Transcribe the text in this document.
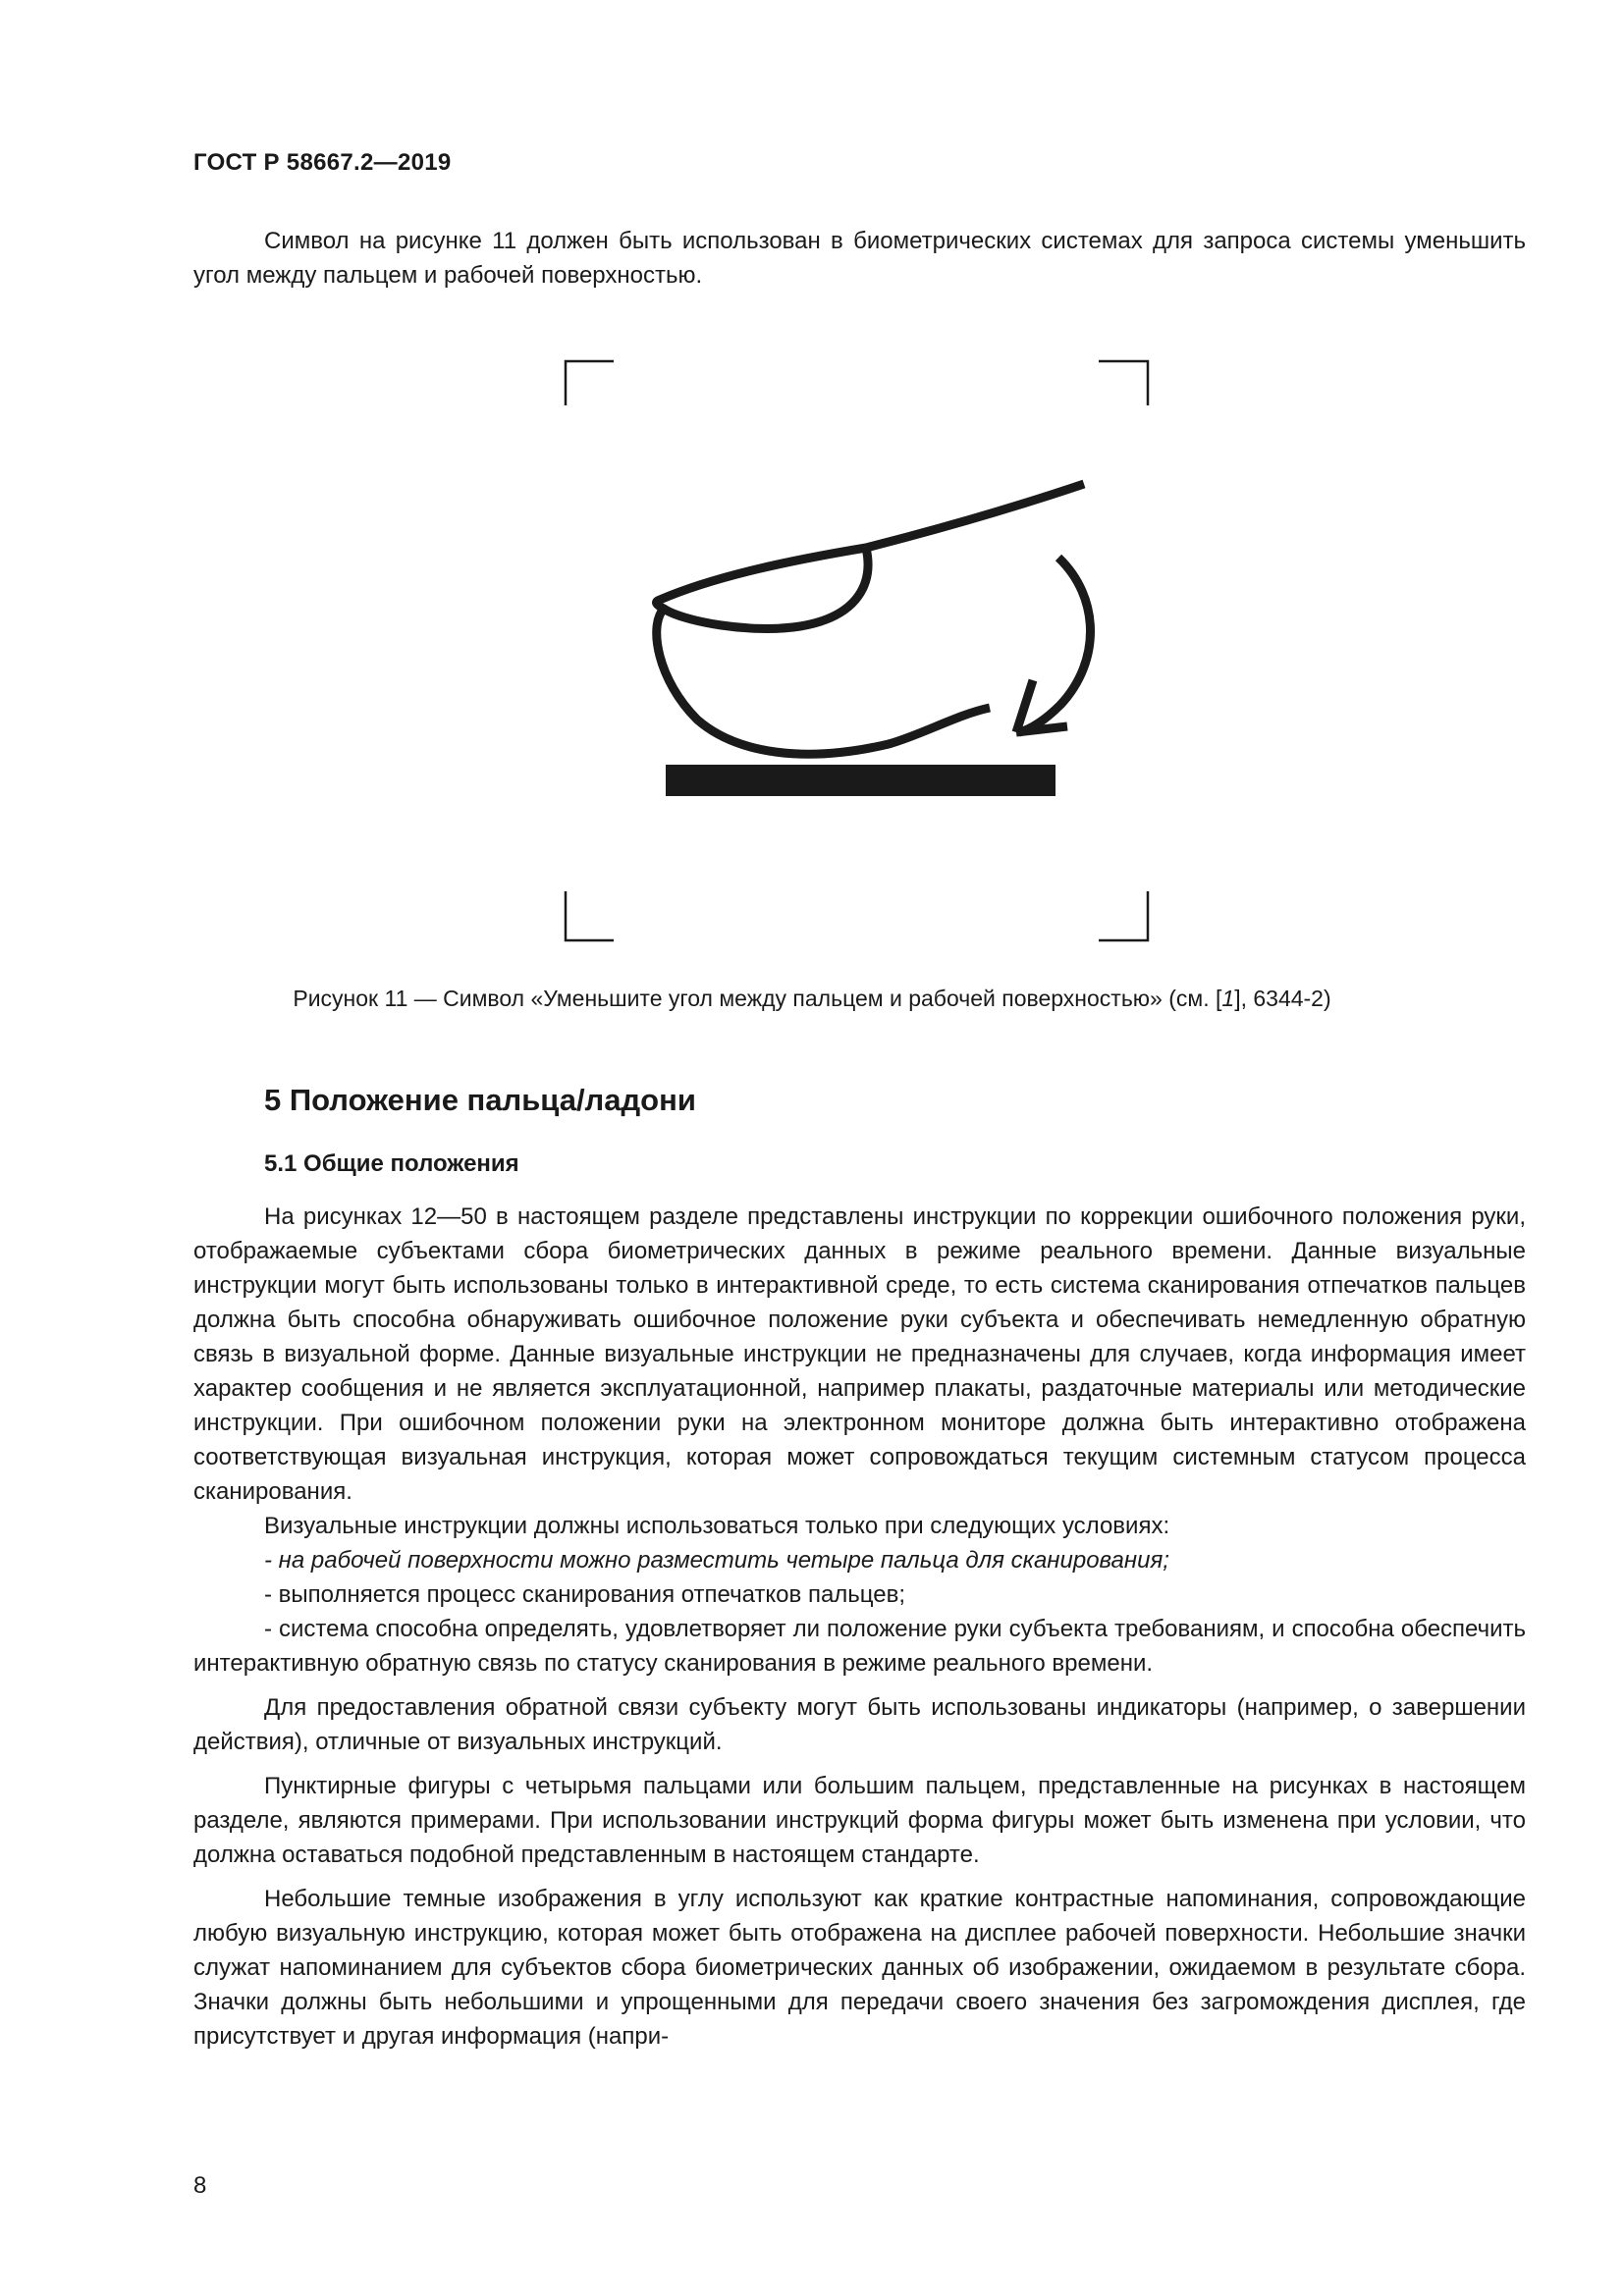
ГОСТ Р 58667.2—2019
Символ на рисунке 11 должен быть использован в биометрических системах для запроса системы уменьшить угол между пальцем и рабочей поверхностью.
Рисунок 11 — Символ «Уменьшите угол между пальцем и рабочей поверхностью» (см. [1], 6344-2)
5 Положение пальца/ладони
5.1 Общие положения

На рисунках 12—50 в настоящем разделе представлены инструкции по коррекции ошибочного положения руки, отображаемые субъектами сбора биометрических данных в режиме реального времени. Данные визуальные инструкции могут быть использованы только в интерактивной среде, то есть система сканирования отпечатков пальцев должна быть способна обнаруживать ошибочное положение руки субъекта и обеспечивать немедленную обратную связь в визуальной форме. Данные визуальные инструкции не предназначены для случаев, когда информация имеет характер сообщения и не является эксплуатационной, например плакаты, раздаточные материалы или методические инструкции. При ошибочном положении руки на электронном мониторе должна быть интерактивно отображена соответствующая визуальная инструкция, которая может сопровождаться текущим системным статусом процесса сканирования.

Визуальные инструкции должны использоваться только при следующих условиях:

- на рабочей поверхности можно разместить четыре пальца для сканирования;

- выполняется процесс сканирования отпечатков пальцев;

- система способна определять, удовлетворяет ли положение руки субъекта требованиям, и способна обеспечить интерактивную обратную связь по статусу сканирования в режиме реального времени.

Для предоставления обратной связи субъекту могут быть использованы индикаторы (например, о завершении действия), отличные от визуальных инструкций.

Пунктирные фигуры с четырьмя пальцами или большим пальцем, представленные на рисунках в настоящем разделе, являются примерами. При использовании инструкций форма фигуры может быть изменена при условии, что должна оставаться подобной представленным в настоящем стандарте.

Небольшие темные изображения в углу используют как краткие контрастные напоминания, сопровождающие любую визуальную инструкцию, которая может быть отображена на дисплее рабочей поверхности. Небольшие значки служат напоминанием для субъектов сбора биометрических данных об изображении, ожидаемом в результате сбора. Значки должны быть небольшими и упрощенными для передачи своего значения без загромождения дисплея, где присутствует и другая информация (напри-

8
